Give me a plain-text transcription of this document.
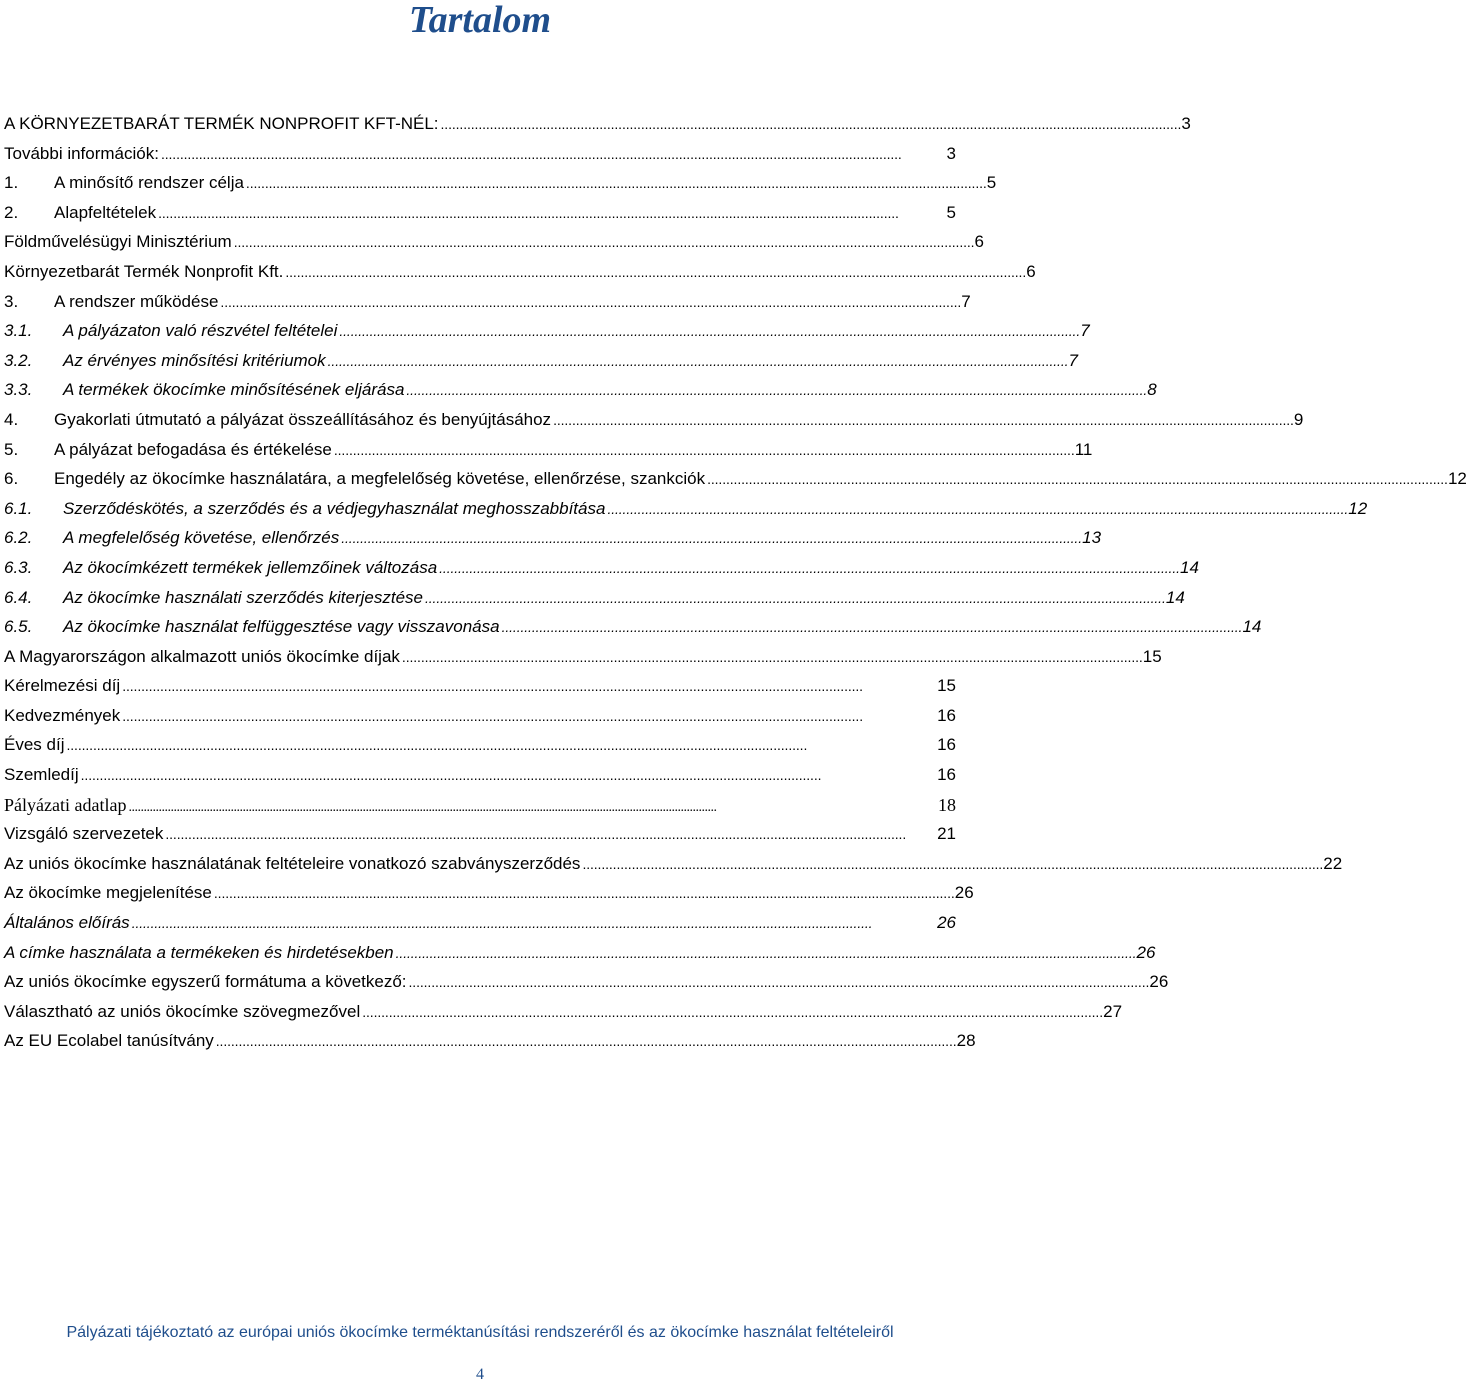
Tartalom
A KÖRNYEZETBARÁT TERMÉK NONPROFIT KFT-NÉL: . . .	3
További információk: . . .	3
1.	A minősítő rendszer célja . . .	5
2.	Alapfeltételek . . .	5
Földművelésügyi Minisztérium . . .	6
Környezetbarát Termék Nonprofit Kft. . . .	6
3.	A rendszer működése . . .	7
3.1.	A pályázaton való részvétel feltételei . . .	7
3.2.	Az érvényes minősítési kritériumok . . .	7
3.3.	A termékek ökocímke minősítésének eljárása . . .	8
4.	Gyakorlati útmutató a pályázat összeállításához és benyújtásához . . .	9
5.	A pályázat befogadása és értékelése . . .	11
6.	Engedély az ökocímke használatára, a megfelelőség követése, ellenőrzése, szankciók . . .	12
6.1.	Szerződéskötés, a szerződés és a védjegyhasználat meghosszabbítása . . .	12
6.2.	A megfelelőség követése, ellenőrzés . . .	13
6.3.	Az ökocímkézett termékek jellemzőinek változása . . .	14
6.4.	Az ökocímke használati szerződés kiterjesztése . . .	14
6.5.	Az ökocímke használat felfüggesztése vagy visszavonása . . .	14
A Magyarországon alkalmazott uniós ökocímke díjak . . .	15
Kérelmezési díj . . .	15
Kedvezmények . . .	16
Éves díj . . .	16
Szemledíj . . .	16
Pályázati adatlap . . .	18
Vizsgáló szervezetek . . .	21
Az uniós ökocímke használatának feltételeire vonatkozó szabványszerződés . . .	22
Az ökocímke megjelenítése . . .	26
Általános előírás . . .	26
A címke használata a termékeken és hirdetésekben . . .	26
Az uniós ökocímke egyszerű formátuma a következő: . . .	26
Választható az uniós ökocímke szövegmezővel . . .	27
Az EU Ecolabel tanúsítvány . . .	28
Pályázati tájékoztató az európai uniós ökocímke terméktanúsítási rendszeréről és az ökocímke használat feltételeiről
4
